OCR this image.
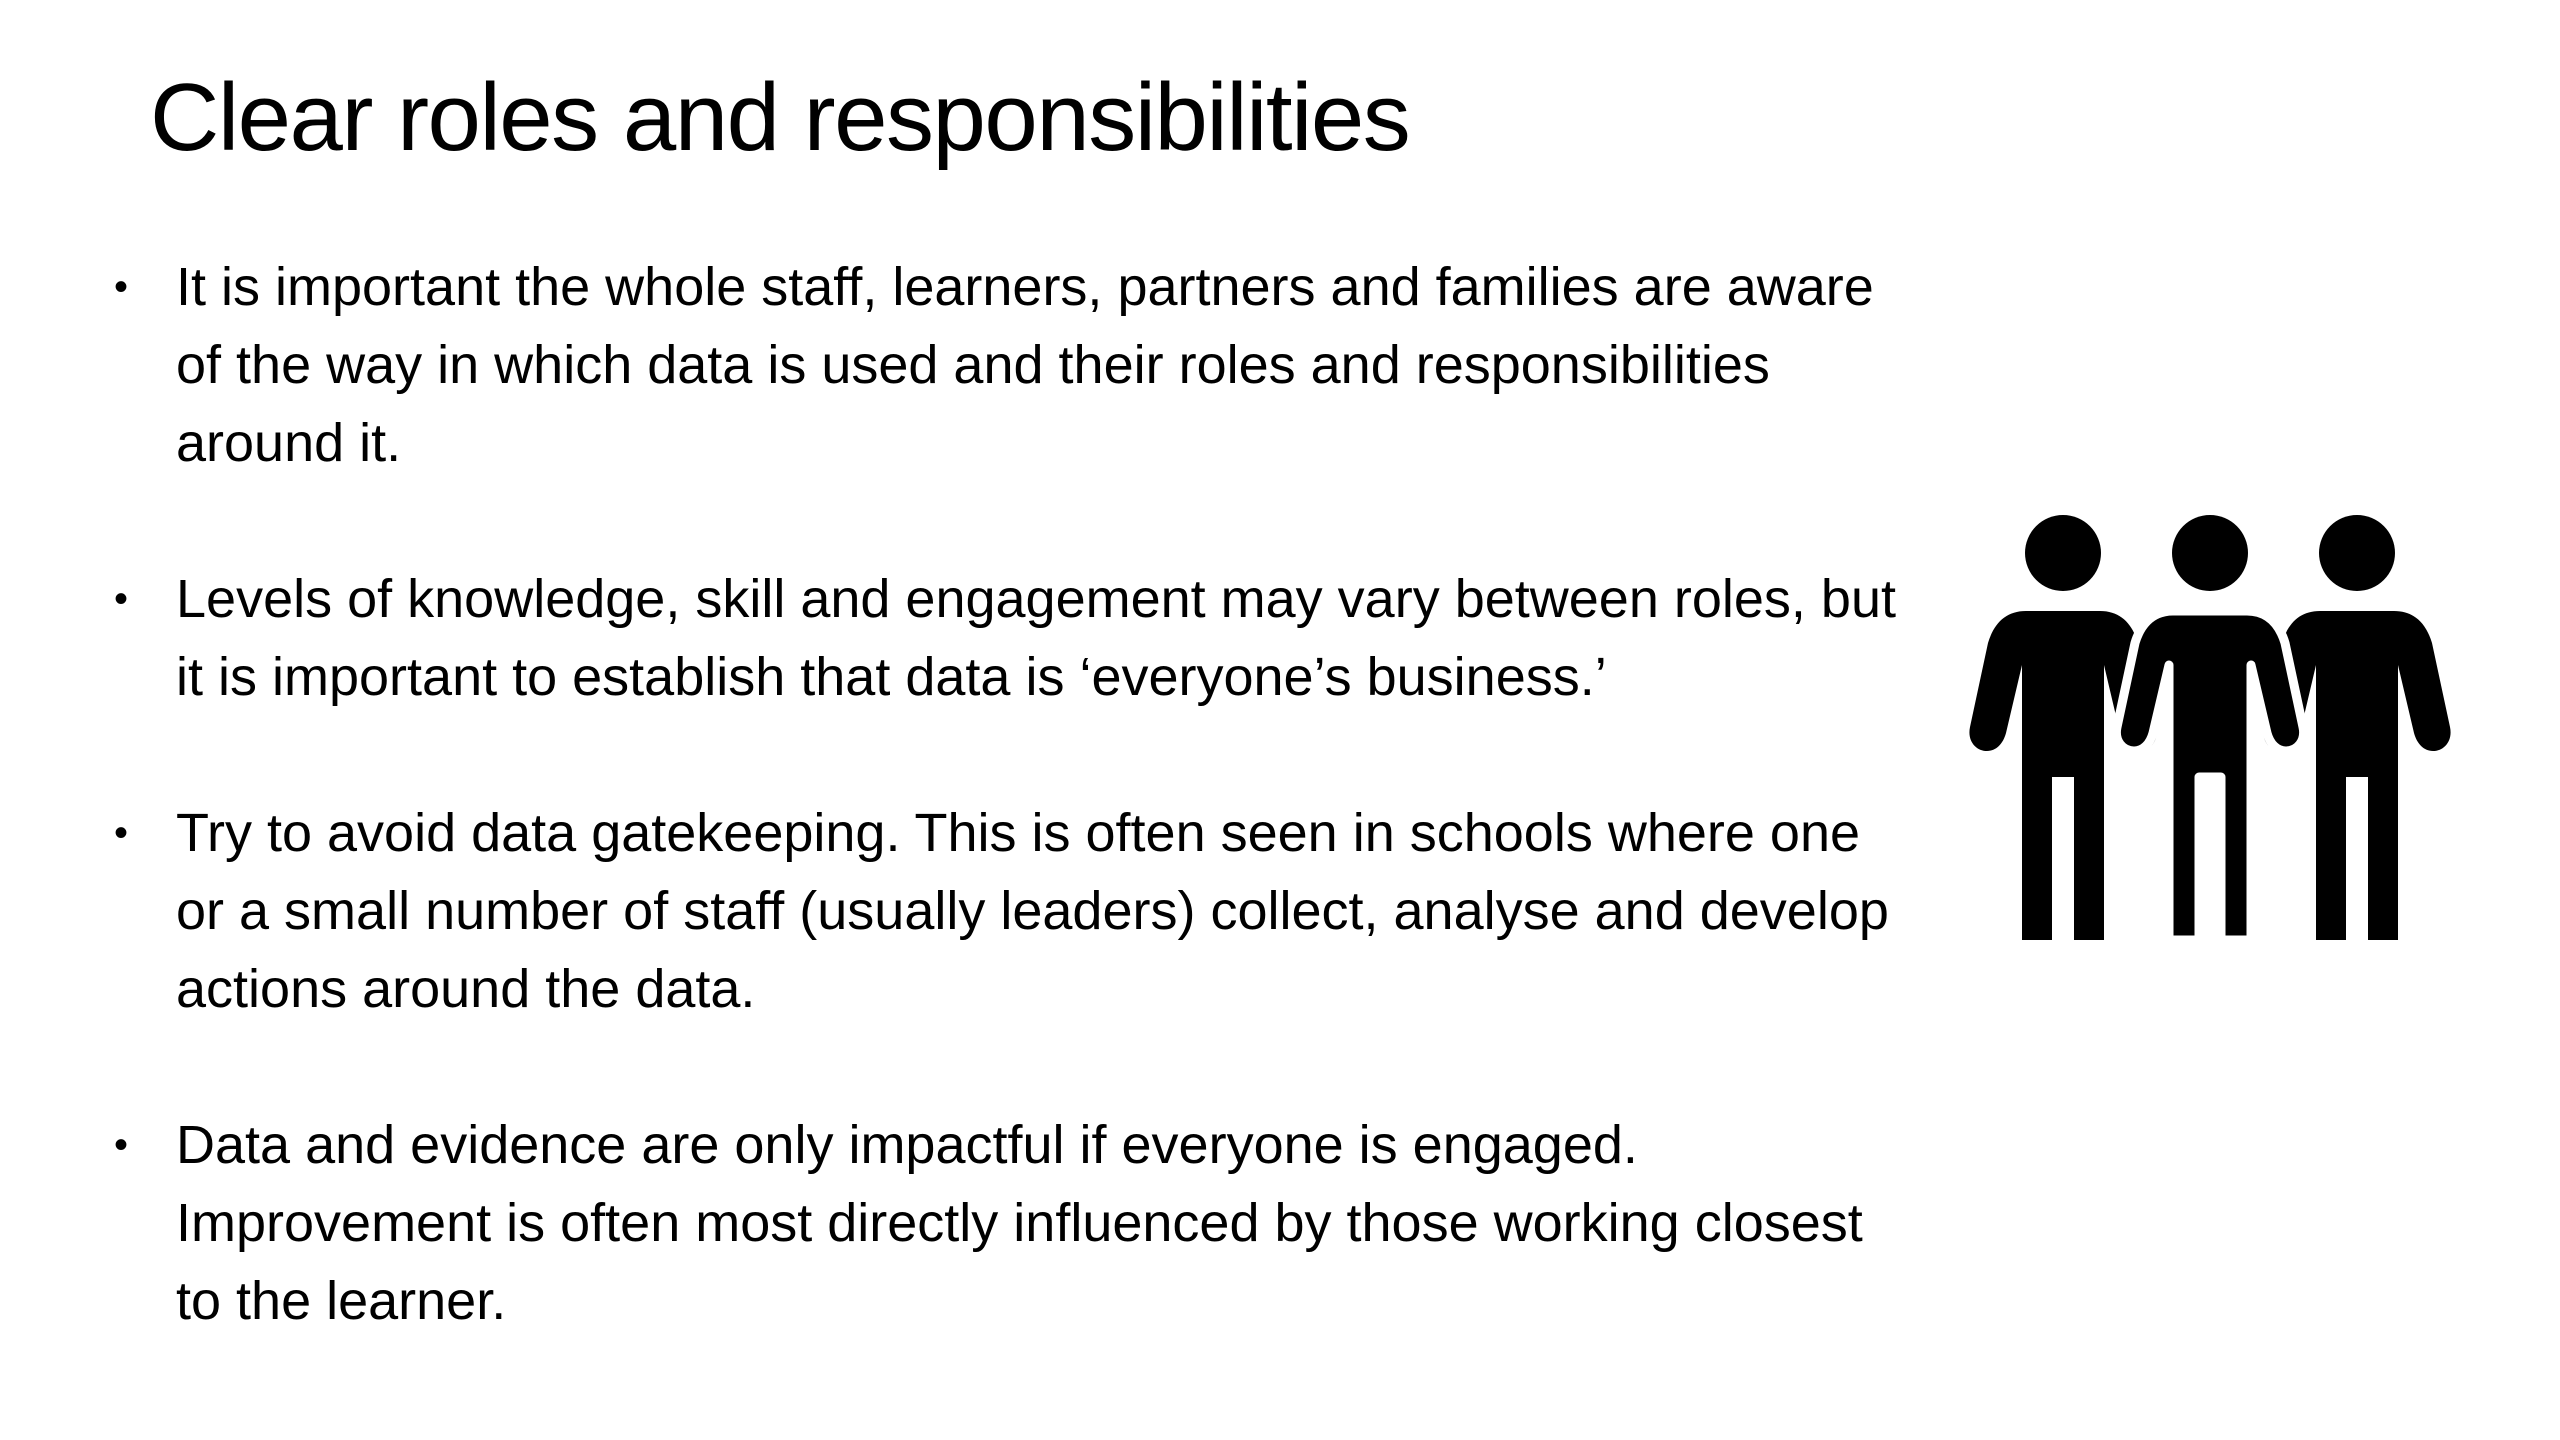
Clear roles and responsibilities
• It is important the whole staff, learners, partners and families are aware of the way in which data is used and their roles and responsibilities around it.
• Levels of knowledge, skill and engagement may vary between roles, but it is important to establish that data is ‘everyone’s business.’
• Try to avoid data gatekeeping. This is often seen in schools where one or a small number of staff (usually leaders) collect, analyse and develop actions around the data.
• Data and evidence are only impactful if everyone is engaged. Improvement is often most directly influenced by those working closest to the learner.
